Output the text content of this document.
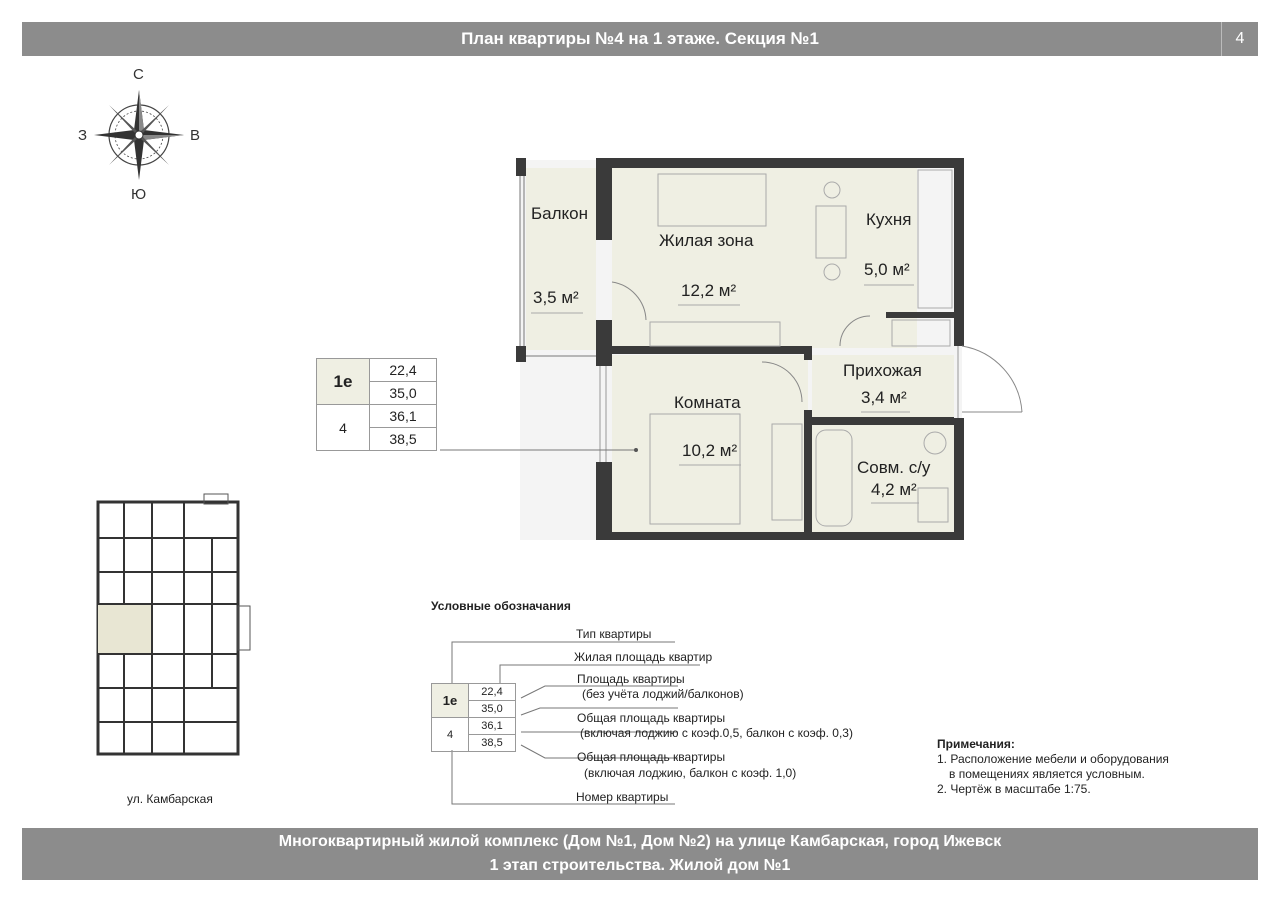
План квартиры №4 на 1 этаже. Секция №1	4
С
Ю
З	В
Балкон
3,5 м²
Жилая зона
12,2 м²
Кухня
5,0 м²
Прихожая
3,4 м²
Комната
10,2 м²
Совм. с/у
4,2 м²
1е	22,4
	35,0
4	36,1
	38,5
ул. Камбарская
Условные обозначания
1е	22,4
	35,0
4	36,1
	38,5
Тип квартиры
Жилая площадь квартир
Площадь квартиры
(без учёта лоджий/балконов)
Общая площадь квартиры
(включая лоджию с коэф.0,5, балкон с коэф. 0,3)
Общая площадь квартиры
(включая лоджию, балкон с коэф. 1,0)
Номер квартиры
Примечания:
1. Расположение мебели и оборудования
в помещениях является условным.
2. Чертёж в масштабе 1:75.
Многоквартирный жилой комплекс (Дом №1, Дом №2) на улице Камбарская, город Ижевск
1 этап строительства. Жилой дом №1
